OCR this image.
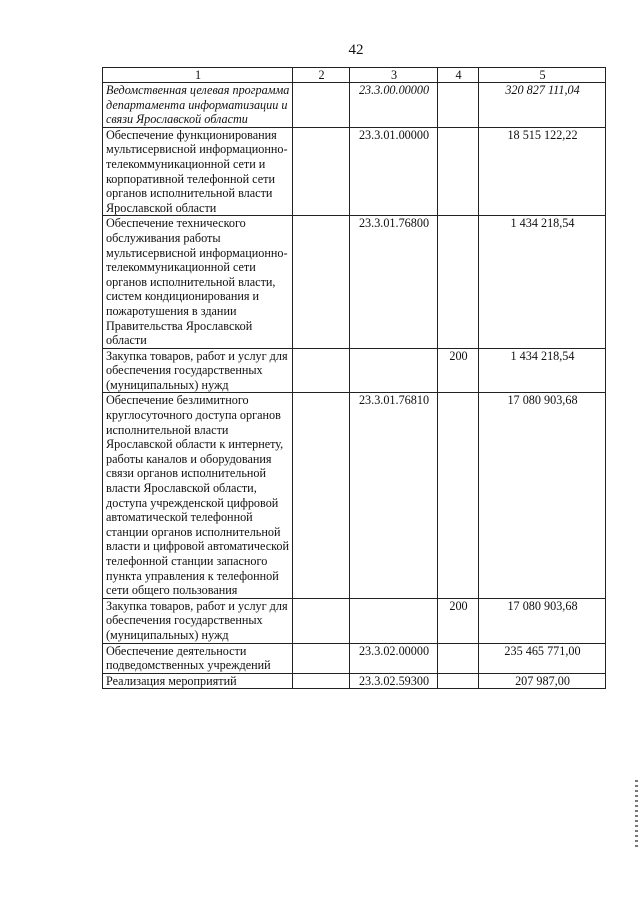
42
1	2	3	4	5
Ведомственная целевая программа департамента информатизации и связи Ярославской области		23.3.00.00000		320 827 111,04
Обеспечение функционирования мультисервисной информационно-телекоммуникационной сети и корпоративной телефонной сети органов исполнительной власти Ярославской области		23.3.01.00000		18 515 122,22
Обеспечение технического обслуживания работы мультисервисной информационно-телекоммуникационной сети органов исполнительной власти, систем кондиционирования и пожаротушения в здании Правительства Ярославской области		23.3.01.76800		1 434 218,54
Закупка товаров, работ и услуг для обеспечения государственных (муниципальных) нужд			200	1 434 218,54
Обеспечение безлимитного круглосуточного доступа органов исполнительной власти Ярославской области к интернету, работы каналов и оборудования связи органов исполнительной власти Ярославской области, доступа учрежденской цифровой автоматической телефонной станции органов исполнительной власти и цифровой автоматической телефонной станции запасного пункта управления к телефонной сети общего пользования		23.3.01.76810		17 080 903,68
Закупка товаров, работ и услуг для обеспечения государственных (муниципальных) нужд			200	17 080 903,68
Обеспечение деятельности подведомственных учреждений		23.3.02.00000		235 465 771,00
Реализация мероприятий		23.3.02.59300		207 987,00
